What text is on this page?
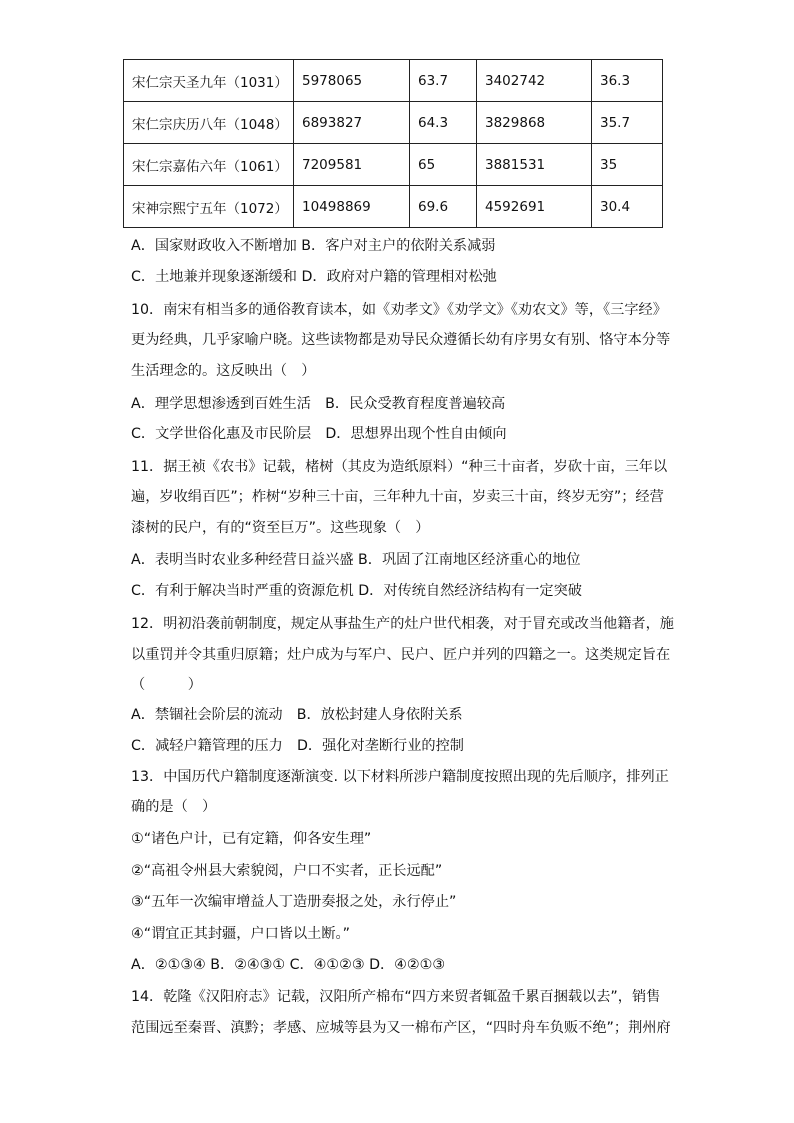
宋仁宗天圣九年（1031）	5978065	63.7	3402742	36.3
宋仁宗庆历八年（1048）	6893827	64.3	3829868	35.7
宋仁宗嘉佑六年（1061）	7209581	65	3881531	35
宋神宗熙宁五年（1072）	10498869	69.6	4592691	30.4
A．国家财政收入不断增加 B．客户对主户的依附关系减弱
C．土地兼并现象逐渐缓和 D．政府对户籍的管理相对松弛
10．南宋有相当多的通俗教育读本，如《劝孝文》《劝学文》《劝农文》等，《三字经》
更为经典，几乎家喻户晓。这些读物都是劝导民众遵循长幼有序男女有别、恪守本分等
生活理念的。这反映出（　）
A．理学思想渗透到百姓生活　B．民众受教育程度普遍较高
C．文学世俗化惠及市民阶层　D．思想界出现个性自由倾向
11．据王祯《农书》记载，楮树（其皮为造纸原料）“种三十亩者，岁砍十亩，三年以
遍，岁收绢百匹”；柞树“岁种三十亩，三年种九十亩，岁卖三十亩，终岁无穷”；经营
漆树的民户，有的“资至巨万”。这些现象（　）
A．表明当时农业多种经营日益兴盛 B．巩固了江南地区经济重心的地位
C．有利于解决当时严重的资源危机 D．对传统自然经济结构有一定突破
12．明初沿袭前朝制度，规定从事盐生产的灶户世代相袭，对于冒充或改当他籍者，施
以重罚并令其重归原籍；灶户成为与军户、民户、匠户并列的四籍之一。这类规定旨在
（　　　）
A．禁锢社会阶层的流动　B．放松封建人身依附关系
C．减轻户籍管理的压力　D．强化对垄断行业的控制
13．中国历代户籍制度逐渐演变. 以下材料所涉户籍制度按照出现的先后顺序，排列正
确的是（　）
①“诸色户计，已有定籍，仰各安生理”
②“高祖令州县大索貌阅，户口不实者，正长远配”
③“五年一次编审增益人丁造册奏报之处，永行停止”
④“谓宜正其封疆，户口皆以土断。”
A．②①③④ B．②④③① C．④①②③ D．④②①③
14．乾隆《汉阳府志》记载，汉阳所产棉布“四方来贸者辄盈千累百捆载以去”，销售
范围远至秦晋、滇黔；孝感、应城等县为又一棉布产区，“四时舟车负贩不绝”；荆州府
